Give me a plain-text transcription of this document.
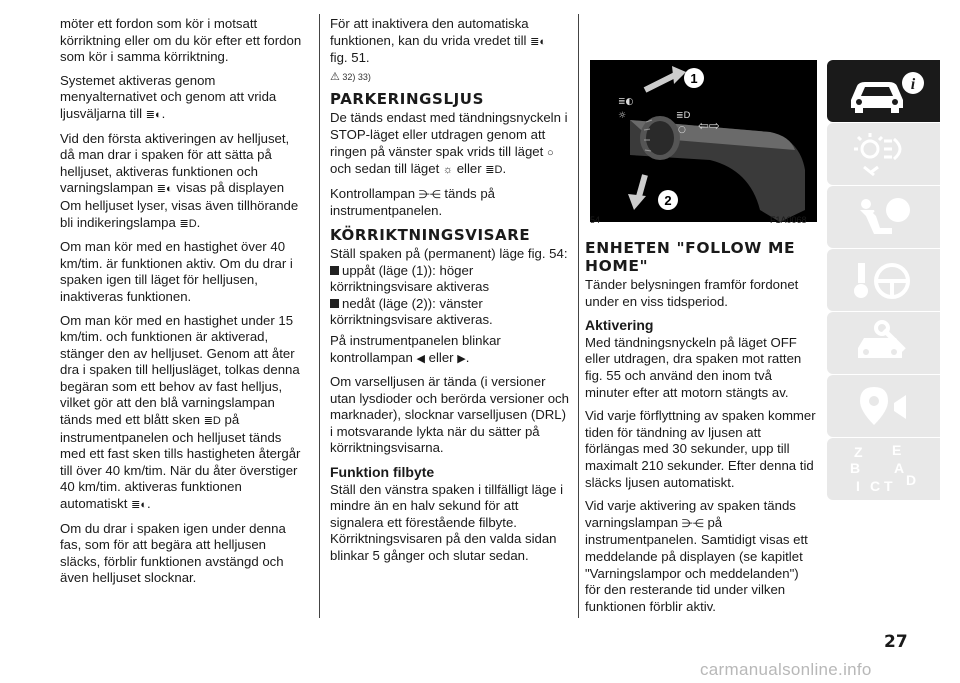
möter ett fordon som kör i motsatt körriktning eller om du kör efter ett fordon som kör i samma körriktning.

Systemet aktiveras genom menyalternativet och genom att vrida ljusväljarna till ≣◐.

Vid den första aktiveringen av helljuset, då man drar i spaken för att sätta på helljuset, aktiveras funktionen och varningslampan ≣◐ visas på displayen Om helljuset lyser, visas även tillhörande bli indikeringslampa ≣D.

Om man kör med en hastighet över 40 km/tim. är funktionen aktiv. Om du drar i spaken igen till läget för helljusen, inaktiveras funktionen.

Om man kör med en hastighet under 15 km/tim. och funktionen är aktiverad, stänger den av helljuset. Genom att åter dra i spaken till helljusläget, tolkas denna begäran som ett behov av fast helljus, vilket gör att den blå varningslampan tänds med ett blått sken ≣D på instrumentpanelen och helljuset tänds med ett fast sken tills hastigheten återgår till över 40 km/tim. När du åter överstiger 40 km/tim. aktiveras funktionen automatiskt ≣◐.

Om du drar i spaken igen under denna fas, som för att begära att helljusen släcks, förblir funktionen avstängd och även helljuset slocknar.

För att inaktivera den automatiska funktionen, kan du vrida vredet till ≣◐
fig. 51.

⚠ 32) 33)
PARKERINGSLJUS

De tänds endast med tändningsnyckeln i STOP-läget eller utdragen genom att ringen på vänster spak vrids till läget ○ och sedan till läget ☼ eller ≣D.

Kontrollampan ⋺⋲ tänds på instrumentpanelen.

KÖRRIKTNINGSVISARE

Ställ spaken på (permanent) läge fig. 54:

uppåt (läge (1)): höger körriktningsvisare aktiveras
nedåt (läge (2)): vänster körriktningsvisare aktiveras.

På instrumentpanelen blinkar kontrollampan ◀ eller ▶.

Om varselljusen är tända (i versioner utan lysdioder och berörda versioner och marknader), slocknar varselljusen (DRL) i motsvarande lykta när du sätter på körriktningsvisarna.

Funktion filbyte

Ställ den vänstra spaken i tillfälligt läge i mindre än en halv sekund för att signalera ett förestående filbyte. Körriktningsvisaren på den valda sidan blinkar 5 gånger och slutar sedan.

≣◐
☼	≣D
○ ⇦⇨
1
2
54	F1A0068
ENHETEN "FOLLOW ME HOME"

Tänder belysningen framför fordonet under en viss tidsperiod.

Aktivering

Med tändningsnyckeln på läget OFF eller utdragen, dra spaken mot ratten fig. 55 och använd den inom två minuter efter att motorn stängts av.

Vid varje förflyttning av spaken kommer tiden för tändning av ljusen att förlängas med 30 sekunder, upp till maximalt 210 sekunder. Efter denna tid släcks ljusen automatiskt.

Vid varje aktivering av spaken tänds varningslampan ⋺⋲ på instrumentpanelen. Samtidigt visas ett meddelande på displayen (se kapitlet "Varningslampor och meddelanden") för den resterande tid under vilken funktionen förblir aktiv.

i
Z E
B A
I C T D
27
carmanualsonline.info
